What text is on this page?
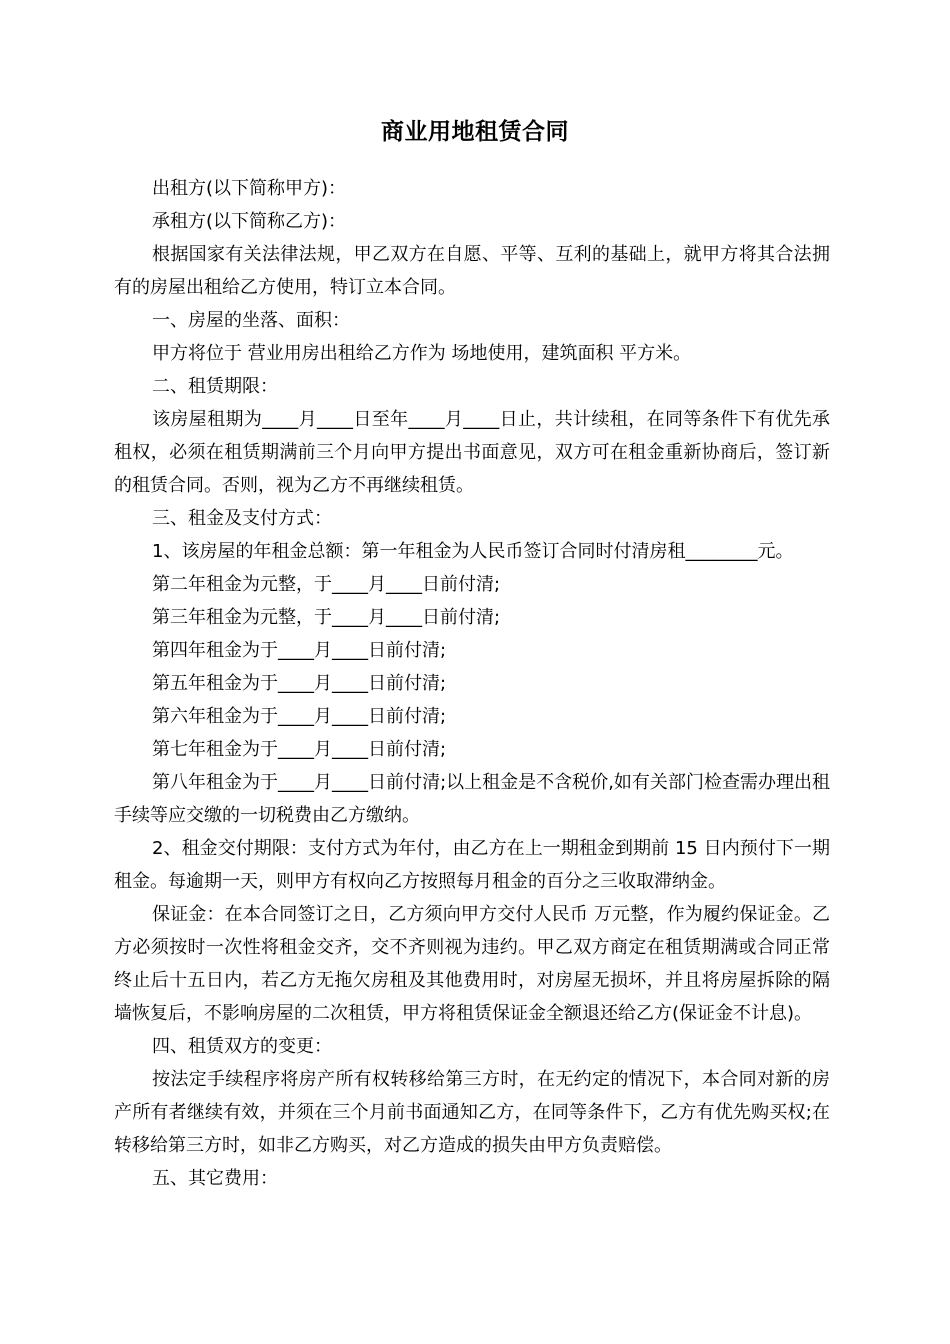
商业用地租赁合同

出租方(以下简称甲方)：

承租方(以下简称乙方)：

根据国家有关法律法规，甲乙双方在自愿、平等、互利的基础上，就甲方将其合法拥有的房屋出租给乙方使用，特订立本合同。

一、房屋的坐落、面积：

甲方将位于 营业用房出租给乙方作为 场地使用，建筑面积 平方米。

二、租赁期限：

该房屋租期为____月____日至年____月____日止，共计续租，在同等条件下有优先承租权，必须在租赁期满前三个月向甲方提出书面意见，双方可在租金重新协商后，签订新的租赁合同。否则，视为乙方不再继续租赁。

三、租金及支付方式：

1、该房屋的年租金总额：第一年租金为人民币签订合同时付清房租________元。

第二年租金为元整，于____月____日前付清;

第三年租金为元整，于____月____日前付清;

第四年租金为于____月____日前付清;

第五年租金为于____月____日前付清;

第六年租金为于____月____日前付清;

第七年租金为于____月____日前付清;

第八年租金为于____月____日前付清;以上租金是不含税价,如有关部门检查需办理出租手续等应交缴的一切税费由乙方缴纳。

2、租金交付期限：支付方式为年付，由乙方在上一期租金到期前 15 日内预付下一期租金。每逾期一天，则甲方有权向乙方按照每月租金的百分之三收取滞纳金。

保证金：在本合同签订之日，乙方须向甲方交付人民币 万元整，作为履约保证金。乙方必须按时一次性将租金交齐，交不齐则视为违约。甲乙双方商定在租赁期满或合同正常终止后十五日内，若乙方无拖欠房租及其他费用时，对房屋无损坏，并且将房屋拆除的隔墙恢复后，不影响房屋的二次租赁，甲方将租赁保证金全额退还给乙方(保证金不计息)。

四、租赁双方的变更：

按法定手续程序将房产所有权转移给第三方时，在无约定的情况下，本合同对新的房产所有者继续有效，并须在三个月前书面通知乙方，在同等条件下，乙方有优先购买权;在转移给第三方时，如非乙方购买，对乙方造成的损失由甲方负责赔偿。

五、其它费用：
